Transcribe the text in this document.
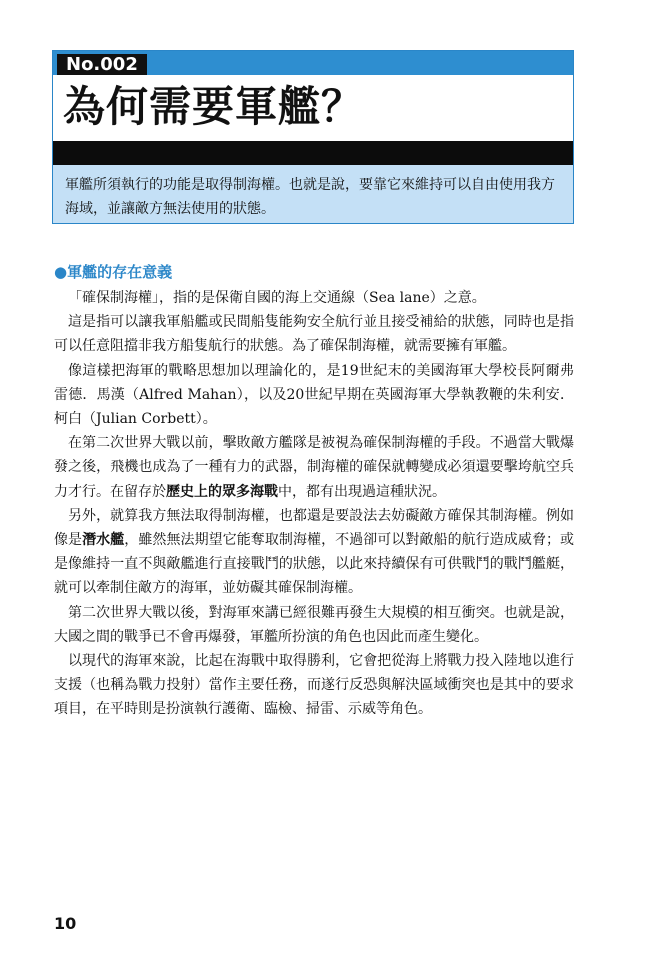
No.002
為何需要軍艦？
軍艦所須執行的功能是取得制海權。也就是說，要靠它來維持可以自由使用我方海域，並讓敵方無法使用的狀態。
●軍艦的存在意義

「確保制海權」，指的是保衛自國的海上交通線（Sea lane）之意。

這是指可以讓我軍船艦或民間船隻能夠安全航行並且接受補給的狀態，同時也是指可以任意阻擋非我方船隻航行的狀態。為了確保制海權，就需要擁有軍艦。

像這樣把海軍的戰略思想加以理論化的，是19世紀末的美國海軍大學校長阿爾弗雷德．馬漢（Alfred Mahan），以及20世紀早期在英國海軍大學執教鞭的朱利安．柯白（Julian Corbett）。

在第二次世界大戰以前，擊敗敵方艦隊是被視為確保制海權的手段。不過當大戰爆發之後，飛機也成為了一種有力的武器，制海權的確保就轉變成必須還要擊垮航空兵力才行。在留存於歷史上的眾多海戰中，都有出現過這種狀況。

另外，就算我方無法取得制海權，也都還是要設法去妨礙敵方確保其制海權。例如像是潛水艦，雖然無法期望它能奪取制海權，不過卻可以對敵船的航行造成威脅；或是像維持一直不與敵艦進行直接戰鬥的狀態，以此來持續保有可供戰鬥的戰鬥艦艇，就可以牽制住敵方的海軍，並妨礙其確保制海權。

第二次世界大戰以後，對海軍來講已經很難再發生大規模的相互衝突。也就是說，大國之間的戰爭已不會再爆發，軍艦所扮演的角色也因此而產生變化。

以現代的海軍來說，比起在海戰中取得勝利，它會把從海上將戰力投入陸地以進行支援（也稱為戰力投射）當作主要任務，而遂行反恐與解決區域衝突也是其中的要求項目，在平時則是扮演執行護衛、臨檢、掃雷、示威等角色。

10
